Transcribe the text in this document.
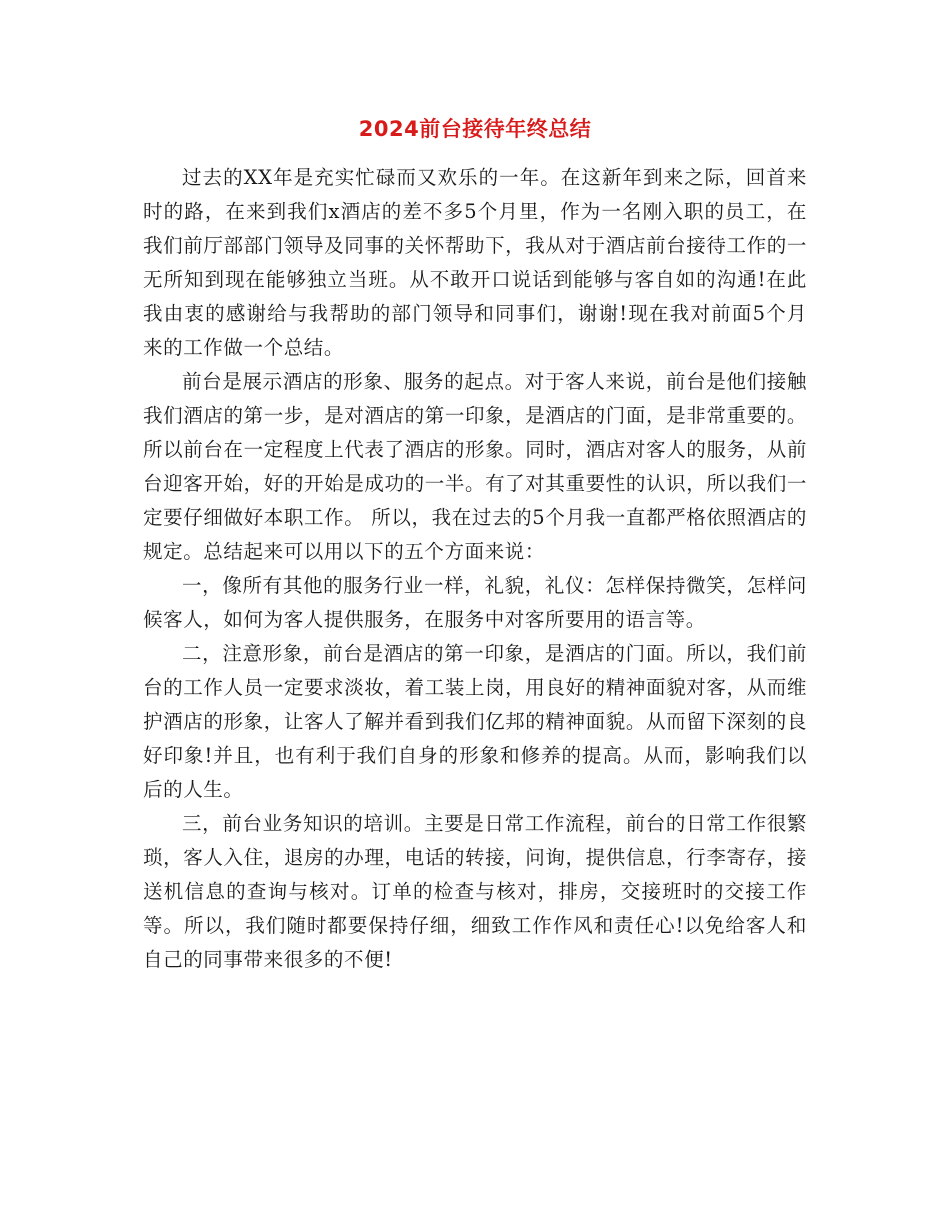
2024前台接待年终总结

过去的XX年是充实忙碌而又欢乐的一年。在这新年到来之际，回首来时的路，在来到我们x酒店的差不多5个月里，作为一名刚入职的员工，在我们前厅部部门领导及同事的关怀帮助下，我从对于酒店前台接待工作的一无所知到现在能够独立当班。从不敢开口说话到能够与客自如的沟通!在此我由衷的感谢给与我帮助的部门领导和同事们，谢谢!现在我对前面5个月来的工作做一个总结。

前台是展示酒店的形象、服务的起点。对于客人来说，前台是他们接触我们酒店的第一步，是对酒店的第一印象，是酒店的门面，是非常重要的。所以前台在一定程度上代表了酒店的形象。同时，酒店对客人的服务，从前台迎客开始，好的开始是成功的一半。有了对其重要性的认识，所以我们一定要仔细做好本职工作。 所以，我在过去的5个月我一直都严格依照酒店的规定。总结起来可以用以下的五个方面来说：

一，像所有其他的服务行业一样，礼貌，礼仪：怎样保持微笑，怎样问候客人，如何为客人提供服务，在服务中对客所要用的语言等。

二，注意形象，前台是酒店的第一印象，是酒店的门面。所以，我们前台的工作人员一定要求淡妆，着工装上岗，用良好的精神面貌对客，从而维护酒店的形象，让客人了解并看到我们亿邦的精神面貌。从而留下深刻的良好印象!并且，也有利于我们自身的形象和修养的提高。从而，影响我们以后的人生。

三，前台业务知识的培训。主要是日常工作流程，前台的日常工作很繁琐，客人入住，退房的办理，电话的转接，问询，提供信息，行李寄存，接送机信息的查询与核对。订单的检查与核对，排房，交接班时的交接工作等。所以，我们随时都要保持仔细，细致工作作风和责任心!以免给客人和自己的同事带来很多的不便!
